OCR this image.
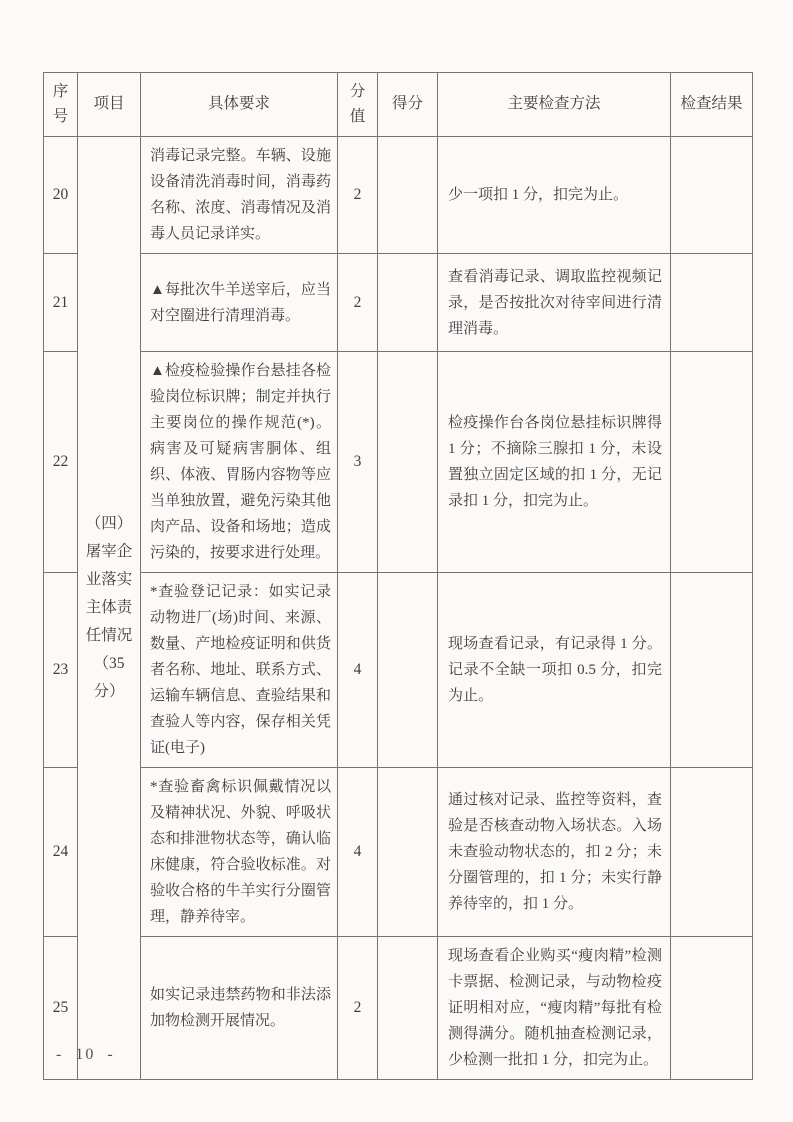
序号	项目	具体要求	分值	得分	主要检查方法	检查结果
20	（四）屠宰企业落实主体责任情况（35分）	消毒记录完整。车辆、设施设备清洗消毒时间，消毒药名称、浓度、消毒情况及消毒人员记录详实。	2		少一项扣 1 分，扣完为止。	
21		▲每批次牛羊送宰后，应当对空圈进行清理消毒。	2		查看消毒记录、调取监控视频记录，是否按批次对待宰间进行清理消毒。	
22		▲检疫检验操作台悬挂各检验岗位标识牌；制定并执行主要岗位的操作规范(*)。病害及可疑病害胴体、组织、体液、胃肠内容物等应当单独放置，避免污染其他肉产品、设备和场地；造成污染的，按要求进行处理。	3		检疫操作台各岗位悬挂标识牌得 1 分；不摘除三腺扣 1 分，未设置独立固定区域的扣 1 分，无记录扣 1 分，扣完为止。	
23		*查验登记记录：如实记录动物进厂(场)时间、来源、数量、产地检疫证明和供货者名称、地址、联系方式、运输车辆信息、查验结果和查验人等内容，保存相关凭证(电子)	4		现场查看记录，有记录得 1 分。记录不全缺一项扣 0.5 分，扣完为止。	
24		*查验畜禽标识佩戴情况以及精神状况、外貌、呼吸状态和排泄物状态等，确认临床健康，符合验收标准。对验收合格的牛羊实行分圈管理，静养待宰。	4		通过核对记录、监控等资料，查验是否核查动物入场状态。入场未查验动物状态的，扣 2 分；未分圈管理的，扣 1 分；未实行静养待宰的，扣 1 分。	
25		如实记录违禁药物和非法添加物检测开展情况。	2		现场查看企业购买“瘦肉精”检测卡票据、检测记录，与动物检疫证明相对应，“瘦肉精”每批有检测得满分。随机抽查检测记录，少检测一批扣 1 分，扣完为止。	
- 10 -
